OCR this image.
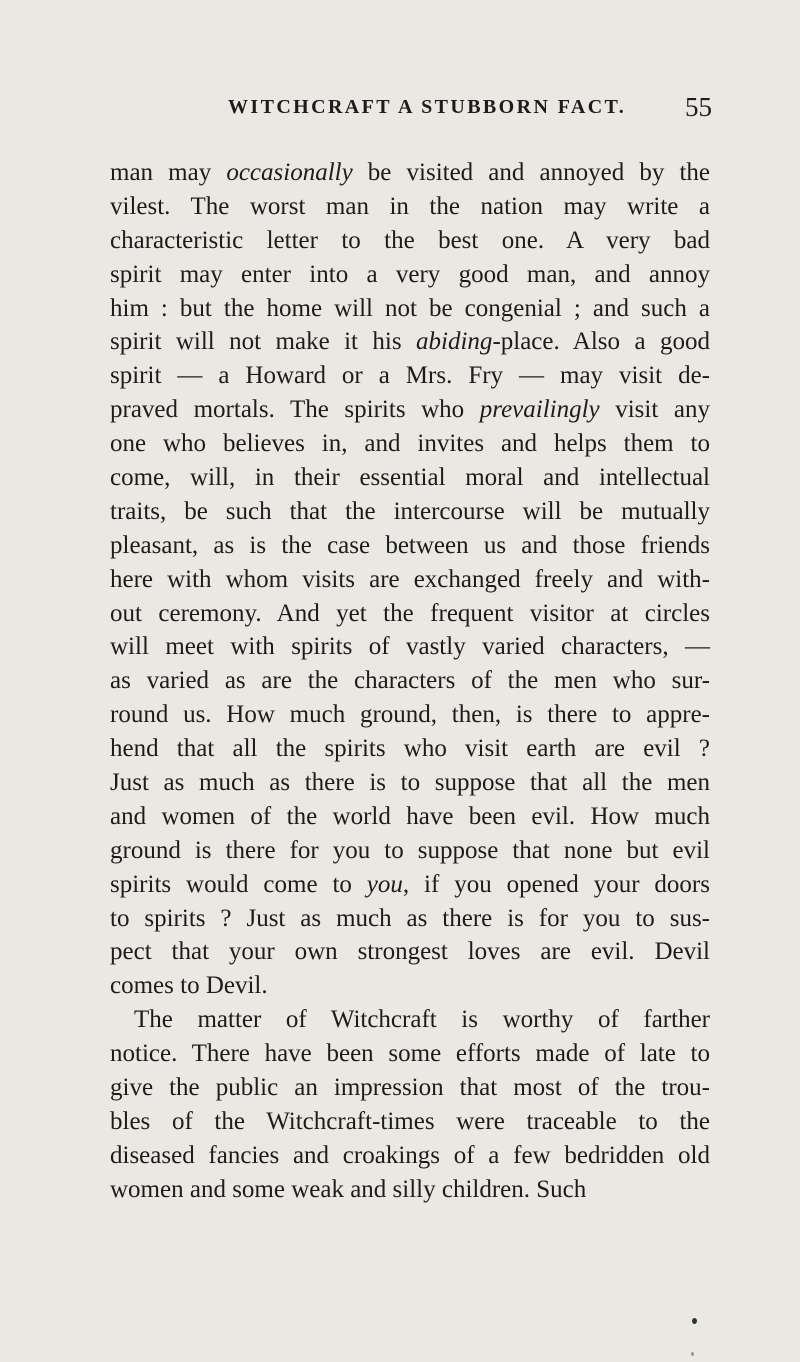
WITCHCRAFT A STUBBORN FACT. 55
man may occasionally be visited and annoyed by the
vilest. The worst man in the nation may write a
characteristic letter to the best one. A very bad
spirit may enter into a very good man, and annoy
him : but the home will not be congenial ; and such a
spirit will not make it his abiding-place. Also a good
spirit — a Howard or a Mrs. Fry — may visit de-
praved mortals. The spirits who prevailingly visit any
one who believes in, and invites and helps them to
come, will, in their essential moral and intellectual
traits, be such that the intercourse will be mutually
pleasant, as is the case between us and those friends
here with whom visits are exchanged freely and with-
out ceremony. And yet the frequent visitor at circles
will meet with spirits of vastly varied characters, —
as varied as are the characters of the men who sur-
round us. How much ground, then, is there to appre-
hend that all the spirits who visit earth are evil ?
Just as much as there is to suppose that all the men
and women of the world have been evil. How much
ground is there for you to suppose that none but evil
spirits would come to you, if you opened your doors
to spirits ? Just as much as there is for you to sus-
pect that your own strongest loves are evil. Devil
comes to Devil.
The matter of Witchcraft is worthy of farther
notice. There have been some efforts made of late to
give the public an impression that most of the trou-
bles of the Witchcraft-times were traceable to the
diseased fancies and croakings of a few bedridden old
women and some weak and silly children. Such
